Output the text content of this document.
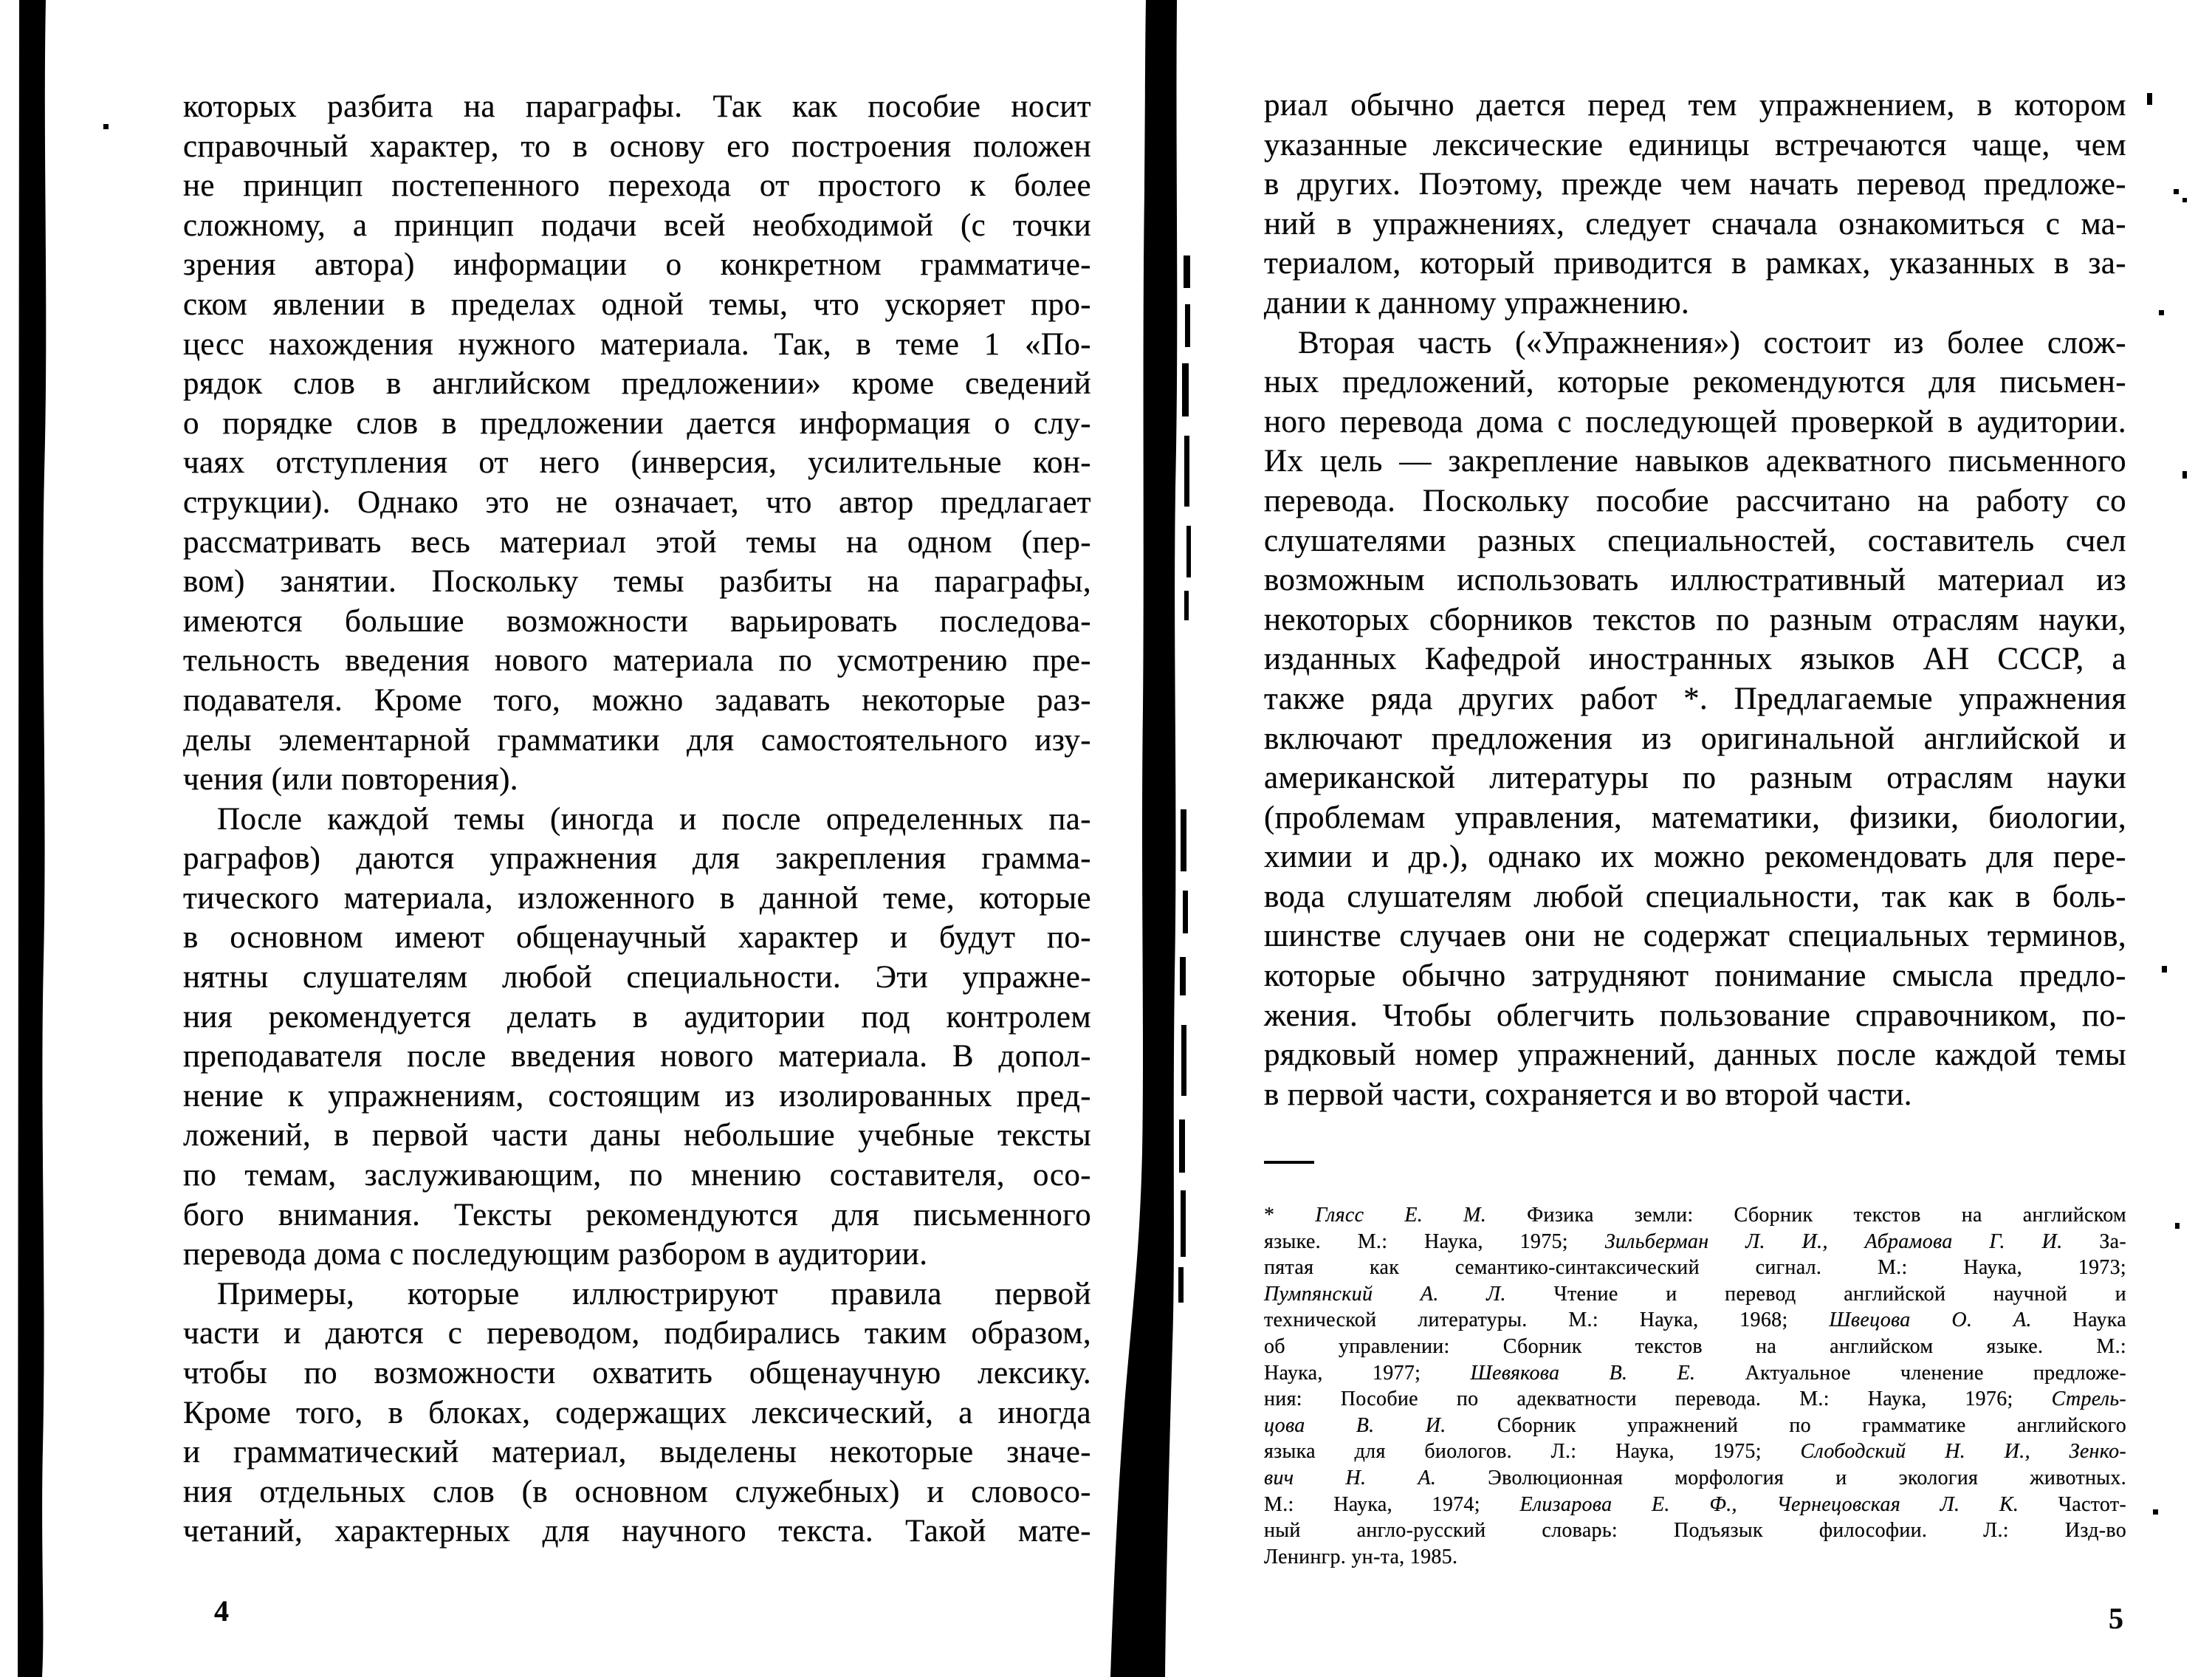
которых разбита на параграфы. Так как пособие носит
справочный характер, то в основу его построения положен
не принцип постепенного перехода от простого к более
сложному, а принцип подачи всей необходимой (с точки
зрения автора) информации о конкретном грамматиче-
ском явлении в пределах одной темы, что ускоряет про-
цесс нахождения нужного материала. Так, в теме 1 «По-
рядок слов в английском предложении» кроме сведений
о порядке слов в предложении дается информация о слу-
чаях отступления от него (инверсия, усилительные кон-
струкции). Однако это не означает, что автор предлагает
рассматривать весь материал этой темы на одном (пер-
вом) занятии. Поскольку темы разбиты на параграфы,
имеются большие возможности варьировать последова-
тельность введения нового материала по усмотрению пре-
подавателя. Кроме того, можно задавать некоторые раз-
делы элементарной грамматики для самостоятельного изу-
чения (или повторения).
После каждой темы (иногда и после определенных па-
раграфов) даются упражнения для закрепления грамма-
тического материала, изложенного в данной теме, которые
в основном имеют общенаучный характер и будут по-
нятны слушателям любой специальности. Эти упражне-
ния рекомендуется делать в аудитории под контролем
преподавателя после введения нового материала. В допол-
нение к упражнениям, состоящим из изолированных пред-
ложений, в первой части даны небольшие учебные тексты
по темам, заслуживающим, по мнению составителя, осо-
бого внимания. Тексты рекомендуются для письменного
перевода дома с последующим разбором в аудитории.
Примеры, которые иллюстрируют правила первой
части и даются с переводом, подбирались таким образом,
чтобы по возможности охватить общенаучную лексику.
Кроме того, в блоках, содержащих лексический, а иногда
и грамматический материал, выделены некоторые значе-
ния отдельных слов (в основном служебных) и словосо-
четаний, характерных для научного текста. Такой мате-
4
риал обычно дается перед тем упражнением, в котором
указанные лексические единицы встречаются чаще, чем
в других. Поэтому, прежде чем начать перевод предложе-
ний в упражнениях, следует сначала ознакомиться с ма-
териалом, который приводится в рамках, указанных в за-
дании к данному упражнению.
Вторая часть («Упражнения») состоит из более слож-
ных предложений, которые рекомендуются для письмен-
ного перевода дома с последующей проверкой в аудитории.
Их цель — закрепление навыков адекватного письменного
перевода. Поскольку пособие рассчитано на работу со
слушателями разных специальностей, составитель счел
возможным использовать иллюстративный материал из
некоторых сборников текстов по разным отраслям науки,
изданных Кафедрой иностранных языков АН СССР, а
также ряда других работ *. Предлагаемые упражнения
включают предложения из оригинальной английской и
американской литературы по разным отраслям науки
(проблемам управления, математики, физики, биологии,
химии и др.), однако их можно рекомендовать для пере-
вода слушателям любой специальности, так как в боль-
шинстве случаев они не содержат специальных терминов,
которые обычно затрудняют понимание смысла предло-
жения. Чтобы облегчить пользование справочником, по-
рядковый номер упражнений, данных после каждой темы
в первой части, сохраняется и во второй части.
* Глясс Е. М. Физика земли: Сборник текстов на английском
языке. М.: Наука, 1975; Зильберман Л. И., Абрамова Г. И. За-
пятая как семантико-синтаксический сигнал. М.: Наука, 1973;
Пумпянский А. Л. Чтение и перевод английской научной и
технической литературы. М.: Наука, 1968; Швецова О. А. Наука
об управлении: Сборник текстов на английском языке. М.:
Наука, 1977; Шевякова В. Е. Актуальное членение предложе-
ния: Пособие по адекватности перевода. М.: Наука, 1976; Стрель-
цова В. И. Сборник упражнений по грамматике английского
языка для биологов. Л.: Наука, 1975; Слободский Н. И., Зенко-
вич Н. А. Эволюционная морфология и экология животных.
М.: Наука, 1974; Елизарова Е. Ф., Чернецовская Л. К. Частот-
ный англо-русский словарь: Подъязык философии. Л.: Изд-во
Ленингр. ун-та, 1985.
5
